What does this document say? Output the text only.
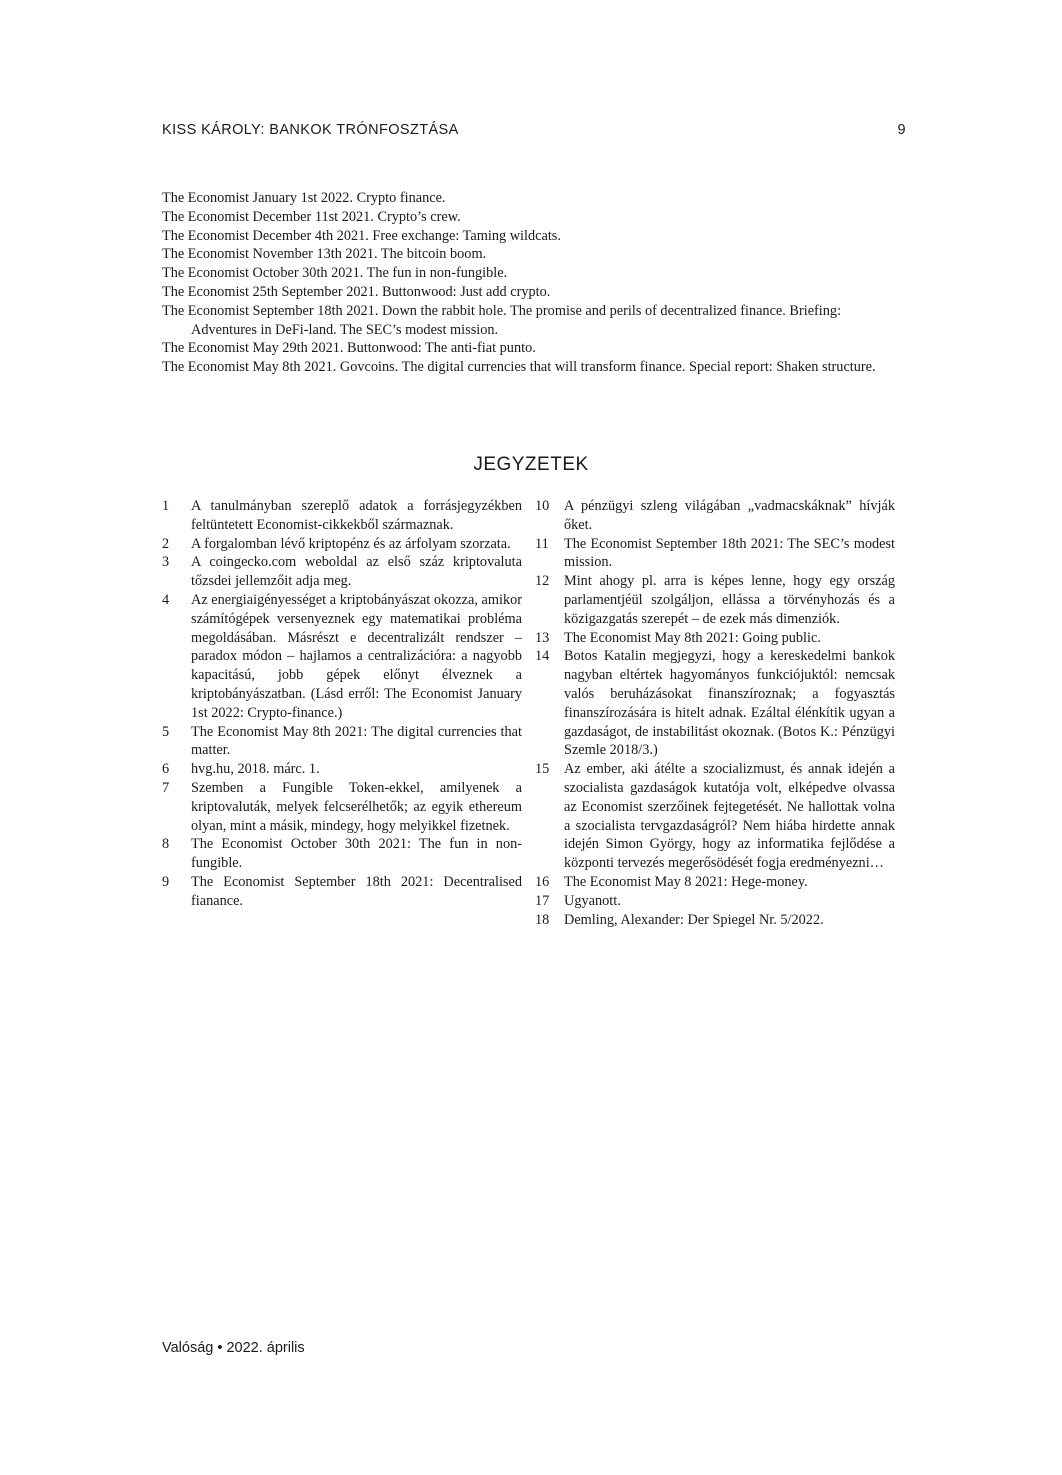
KISS KÁROLY: BANKOK TRÓNFOSZTÁSA	9
The Economist January 1st 2022. Crypto finance.
The Economist December 11st 2021. Crypto’s crew.
The Economist December 4th 2021. Free exchange: Taming wildcats.
The Economist November 13th 2021. The bitcoin boom.
The Economist October 30th 2021. The fun in non-fungible.
The Economist 25th September 2021. Buttonwood: Just add crypto.
The Economist September 18th 2021. Down the rabbit hole. The promise and perils of decentralized finance. Briefing: Adventures in DeFi-land. The SEC’s modest mission.
The Economist May 29th 2021. Buttonwood: The anti-fiat punto.
The Economist May 8th 2021. Govcoins. The digital currencies that will transform finance. Special report: Shaken structure.
JEGYZETEK
1	A tanulmányban szereplő adatok a forrásjegyzékben feltüntetett Economist-cikkekből származnak.
2	A forgalomban lévő kriptopénz és az árfolyam szorzata.
3	A coingecko.com weboldal az első száz kriptovaluta tőzsdei jellemzőit adja meg.
4	Az energiaigényességet a kriptobányászat okozza, amikor számítógépek versenyeznek egy matematikai probléma megoldásában. Másrészt e decentralizált rendszer – paradox módon – hajlamos a centralizációra: a nagyobb kapacitású, jobb gépek előnyt élveznek a kriptobányászatban. (Lásd erről: The Economist January 1st 2022: Crypto-finance.)
5	The Economist May 8th 2021: The digital currencies that matter.
6	hvg.hu, 2018. márc. 1.
7	Szemben a Fungible Token-ekkel, amilyenek a kriptovaluták, melyek felcserélhetők; az egyik ethereum olyan, mint a másik, mindegy, hogy melyikkel fizetnek.
8	The Economist October 30th 2021: The fun in non-fungible.
9	The Economist September 18th 2021: Decentralised fianance.
10	A pénzügyi szleng világában „vadmacskáknak” hívják őket.
11	The Economist September 18th 2021: The SEC’s modest mission.
12	Mint ahogy pl. arra is képes lenne, hogy egy ország parlamentjéül szolgáljon, ellássa a törvényhozás és a közigazgatás szerepét – de ezek más dimenziók.
13	The Economist May 8th 2021: Going public.
14	Botos Katalin megjegyzi, hogy a kereskedelmi bankok nagyban eltértek hagyományos funkciójuktól: nemcsak valós beruházásokat finanszíroznak; a fogyasztás finanszírozására is hitelt adnak. Ezáltal élénkítik ugyan a gazdaságot, de instabilitást okoznak. (Botos K.: Pénzügyi Szemle 2018/3.)
15	Az ember, aki átélte a szocializmust, és annak idején a szocialista gazdaságok kutatója volt, elképedve olvassa az Economist szerzőinek fejtegetését. Ne hallottak volna a szocialista tervgazdaságról? Nem hiába hirdette annak idején Simon György, hogy az informatika fejlődése a központi tervezés megerősödését fogja eredményezni…
16	The Economist May 8 2021: Hege-money.
17	Ugyanott.
18	Demling, Alexander: Der Spiegel Nr. 5/2022.
Valóság • 2022. április
